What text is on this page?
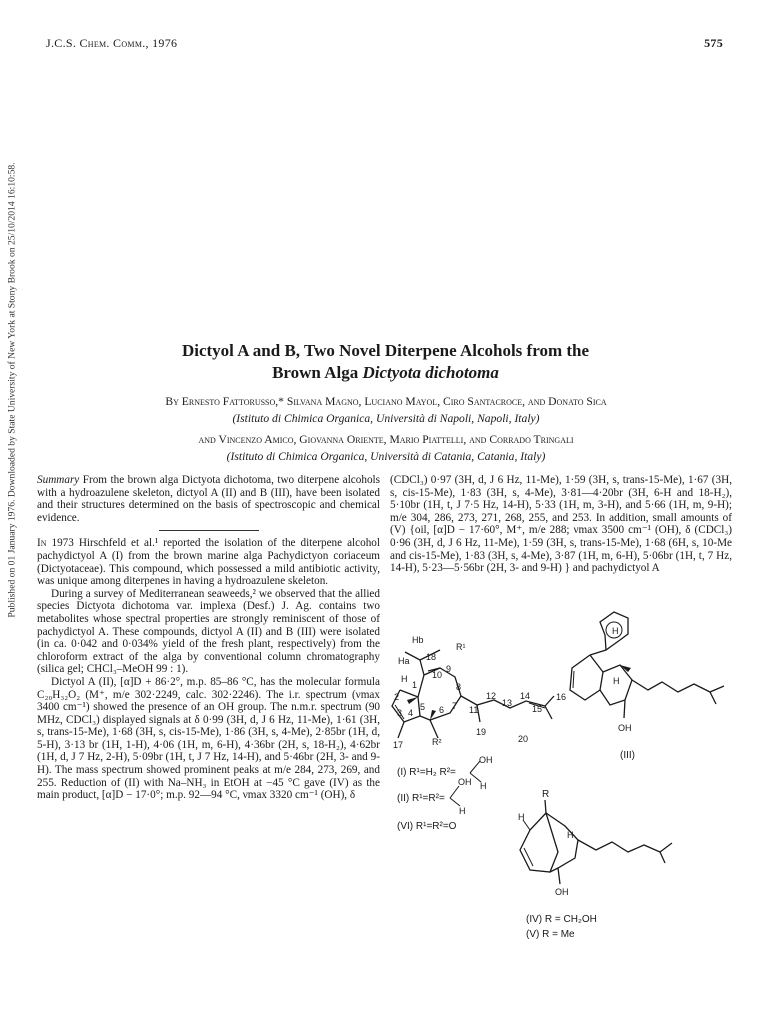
J.C.S. Chem. Comm., 1976	575
Published on 01 January 1976. Downloaded by State University of New York at Stony Brook on 25/10/2014 16:10:58.	Dictyol A and B, Two Novel Diterpene Alcohols from the
Brown Alga Dictyota dichotoma
By Ernesto Fattorusso,* Silvana Magno, Luciano Mayol, Ciro Santacroce, and Donato Sica
(Istituto di Chimica Organica, Università di Napoli, Napoli, Italy)
and Vincenzo Amico, Giovanna Oriente, Mario Piattelli, and Corrado Tringali
(Istituto di Chimica Organica, Università di Catania, Catania, Italy)

Summary From the brown alga Dictyota dichotoma, two diterpene alcohols with a hydroazulene skeleton, dictyol A (II) and B (III), have been isolated and their structures determined on the basis of spectroscopic and chemical evidence.

In 1973 Hirschfeld et al.¹ reported the isolation of the diterpene alcohol pachydictyol A (I) from the brown marine alga Pachydictyon coriaceum (Dictyotaceae). This compound, which possessed a mild antibiotic activity, was unique among diterpenes in having a hydroazulene skeleton.

During a survey of Mediterranean seaweeds,² we observed that the allied species Dictyota dichotoma var. implexa (Desf.) J. Ag. contains two metabolites whose spectral properties are strongly reminiscent of those of pachydictyol A. These compounds, dictyol A (II) and B (III) were isolated (in ca. 0·042 and 0·034% yield of the fresh plant, respectively) from the chloroform extract of the alga by conventional column chromatography (silica gel; CHCl₃–MeOH 99 : 1).

Dictyol A (II), [α]D + 86·2°, m.p. 85–86 °C, has the molecular formula C₂₀H₃₂O₂ (M⁺, m/e 302·2249, calc. 302·2246). The i.r. spectrum (νmax 3400 cm⁻¹) showed the presence of an OH group. The n.m.r. spectrum (90 MHz, CDCl₃) displayed signals at δ 0·99 (3H, d, J 6 Hz, 11-Me), 1·61 (3H, s, trans-15-Me), 1·68 (3H, s, cis-15-Me), 1·86 (3H, s, 4-Me), 2·85br (1H, d, 5-H), 3·13 br (1H, 1-H), 4·06 (1H, m, 6-H), 4·36br (2H, s, 18-H₂), 4·62br (1H, d, J 7 Hz, 2-H), 5·09br (1H, t, J 7 Hz, 14-H), and 5·46br (2H, 3- and 9-H). The mass spectrum showed prominent peaks at m/e 284, 273, 269, and 255. Reduction of (II) with Na–NH₃ in EtOH at −45 °C gave (IV) as the main product, [α]D − 17·0°; m.p. 92—94 °C, νmax 3320 cm⁻¹ (OH), δ

(CDCl₃) 0·97 (3H, d, J 6 Hz, 11-Me), 1·59 (3H, s, trans-15-Me), 1·67 (3H, s, cis-15-Me), 1·83 (3H, s, 4-Me), 3·81—4·20br (3H, 6-H and 18-H₂), 5·10br (1H, t, J 7·5 Hz, 14-H), 5·33 (1H, m, 3-H), and 5·66 (1H, m, 9-H); m/e 304, 286, 273, 271, 268, 255, and 253. In addition, small amounts of (V) {oil, [α]D − 17·60°, M⁺, m/e 288; νmax 3500 cm⁻¹ (OH), δ (CDCl₃) 0·96 (3H, d, J 6 Hz, 11-Me), 1·59 (3H, s, trans-15-Me), 1·68 (6H, s, 10-Me and cis-15-Me), 1·83 (3H, s, 4-Me), 3·87 (1H, m, 6-H), 5·06br (1H, t, 7 Hz, 14-H), 5·23—5·56br (2H, 3- and 9-H) } and pachydictyol A

Hb
Ha 18
R¹
H
9
10
1
2
3 4
5 6 7
8
11
12
13
14
15
16
17	R²
19
20
(I) R¹=H₂ R²=
OH
H
(II) R¹=R²=
OH
H
(VI) R¹=R²=O
H
H
OH
(III)
R
H
H
OH
(IV) R = CH₂OH
(V) R = Me
